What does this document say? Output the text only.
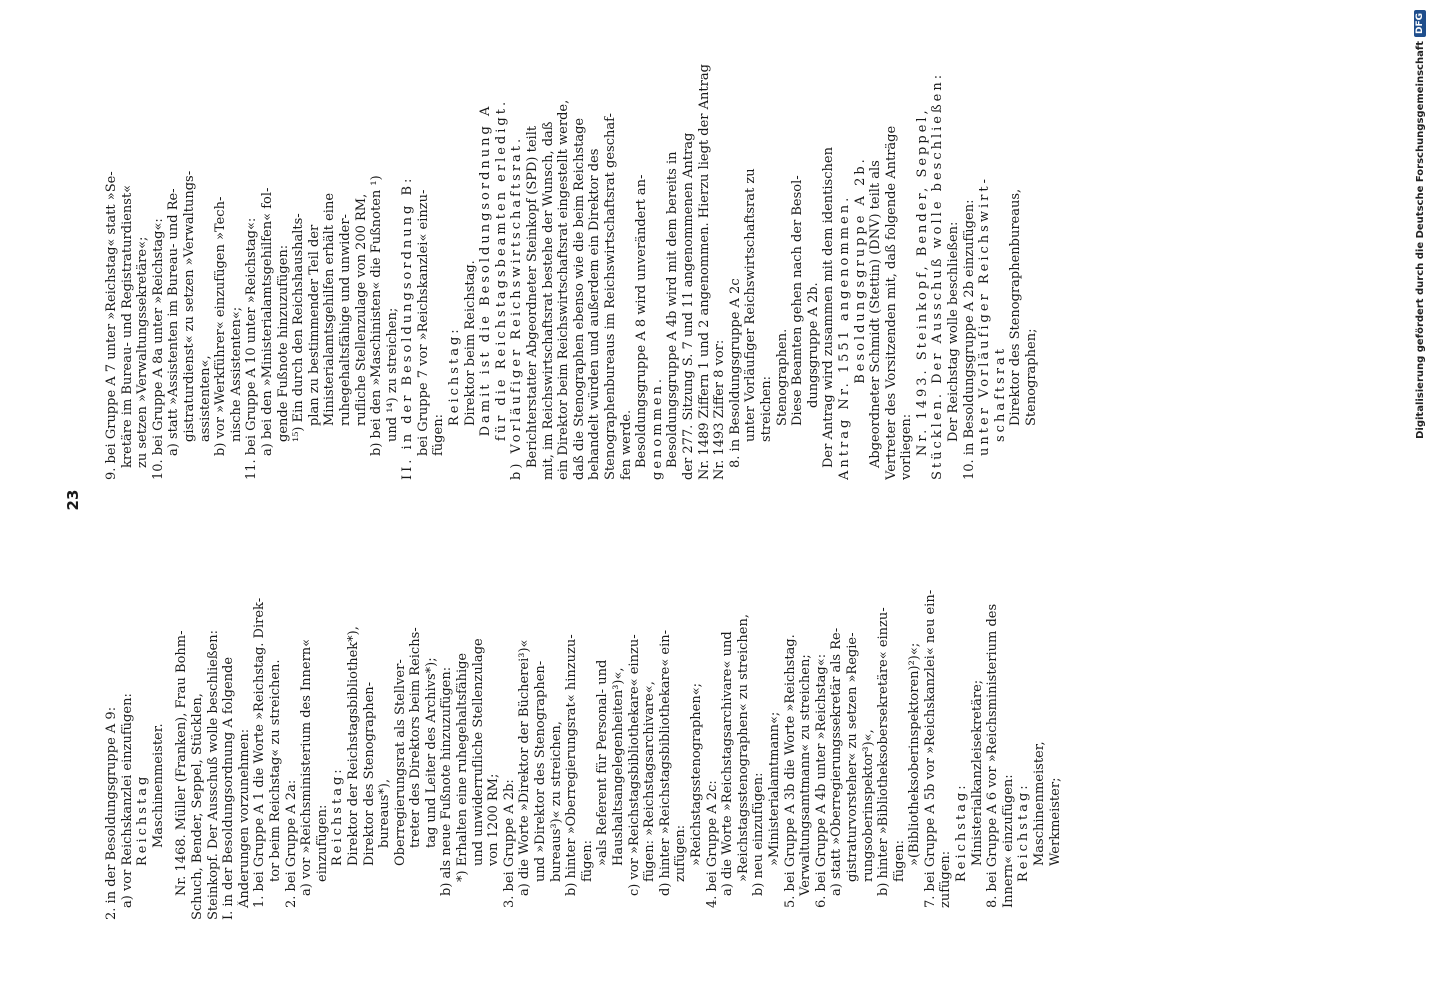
23
2. in der Besoldungsgruppe A 9: a) vor Reichskanzlei einzufügen: Reichstag Maschinenmeister. Nr. 1468. Müller (Franken), Frau Bohm- Schuch, Bender, Seppel, Stücklen, Steinkopf. Der Ausschuß wolle beschließen: I. in der Besoldungsordnung A folgende Änderungen vorzunehmen: 1. bei Gruppe A 1 die Worte »Reichstag. Direk- tor beim Reichstag« zu streichen. 2. bei Gruppe A 2a: a) vor »Reichsministerium des Innern« einzufügen: Reichstag: Direktor der Reichstagsbibliothek*), Direktor des Stenographen- bureaus*), Oberregierungsrat als Stellver- treter des Direktors beim Reichs- tag und Leiter des Archivs*); b) als neue Fußnote hinzuzufügen: *) Erhalten eine ruhegehaltsfähige und unwiderrufliche Stellenzulage von 1200 RM; 3. bei Gruppe A 2b: a) die Worte »Direktor der Bücherei³)« und »Direktor des Stenographen- bureaus³)« zu streichen, b) hinter »Oberregierungsrat« hinzuzu- fügen: »als Referent für Personal- und Haushaltsangelegenheiten³)«, c) vor »Reichstagsbibliothekare« einzu- fügen: »Reichstagsarchivare«, d) hinter »Reichstagsbibliothekare« ein- zufügen: »Reichstagsstenographen«; 4. bei Gruppe A 2c: a) die Worte »Reichstagsarchivare« und »Reichstagsstenographen« zu streichen, b) neu einzufügen: »Ministerialamtmann«; 5. bei Gruppe A 3b die Worte »Reichstag. Verwaltungsamtmann« zu streichen; 6. bei Gruppe A 4b unter »Reichstag«: a) statt »Oberregierungssekretär als Re- gistraturvorsteher« zu setzen »Regie- rungsoberinspektor³)«, b) hinter »Bibliotheksobersekretäre« einzu- fügen: »(Bibliotheksoberinspektoren)²)«; 7. bei Gruppe A 5b vor »Reichskanzlei« neu ein- zufügen: Reichstag: Ministerialkanzleisekretäre; 8. bei Gruppe A 6 vor »Reichsministerium des Innern« einzufügen: Reichstag: Maschinenmeister, Werkmeister;
9. bei Gruppe A 7 unter »Reichstag« statt »Se- kretäre im Bureau- und Registraturdienst« zu setzen »Verwaltungssekretäre«; 10. bei Gruppe A 8a unter »Reichstag«: a) statt »Assistenten im Bureau- und Re- gistraturdienst« zu setzen »Verwaltungs- assistenten«, b) vor »Werkführer« einzufügen »Tech- nische Assistenten«; 11. bei Gruppe A 10 unter »Reichstag«: a) bei den »Ministerialamtsgehilfen« fol- gende Fußnote hinzuzufügen: ¹⁵) Ein durch den Reichshaushalts- plan zu bestimmender Teil der Ministerialamtsgehilfen erhält eine ruhegehaltsfähige und unwider- rufliche Stellenzulage von 200 RM, b) bei den »Maschinisten« die Fußnoten ¹) und ¹⁴) zu streichen; II. in der Besoldungsordnung B: bei Gruppe 7 vor »Reichskanzlei« einzu- fügen:
Reichstag: Direktor beim Reichstag. Damit ist die Besoldungsordnung A für die Reichstagsbeamten erledigt. b) Vorläufiger Reichswirtschaftsrat. Berichterstatter Abgeordneter Steinkopf (SPD) teilt mit, im Reichswirtschaftsrat bestehe der Wunsch, daß ein Direktor beim Reichswirtschaftsrat eingestellt werde, daß die Stenographen ebenso wie die beim Reichstage behandelt würden und außerdem ein Direktor des Stenographenbureaus im Reichswirtschaftsrat geschaf- fen werde. Besoldungsgruppe A 8 wird unverändert an- genommen. Besoldungsgruppe A 4b wird mit dem bereits in der 277. Sitzung S. 7 und 11 angenommenen Antrag Nr. 1489 Ziffern 1 und 2 angenommen. Hierzu liegt der Antrag Nr. 1493 Ziffer 8 vor: 8. in Besoldungsgruppe A 2c unter Vorläufiger Reichswirtschaftsrat zu streichen: Stenographen. Diese Beamten gehen nach der Besol- dungsgruppe A 2b. Der Antrag wird zusammen mit dem identischen Antrag Nr. 1551 angenommen. Besoldungsgruppe A 2b. Abgeordneter Schmidt (Stettin) (DNV) teilt als Vertreter des Vorsitzenden mit, daß folgende Anträge vorliegen: Nr. 1493. Steinkopf, Bender, Seppel, Stücklen. Der Ausschuß wolle beschließen: Der Reichstag wolle beschließen: 10. in Besoldungsgruppe A 2b einzufügen: unter Vorläufiger Reichswirt- schaftsrat Direktor des Stenographenbureaus, Stenographen;	Digitalisierung gefördert durch die Deutsche Forschungsgemeinschaft
DFG
